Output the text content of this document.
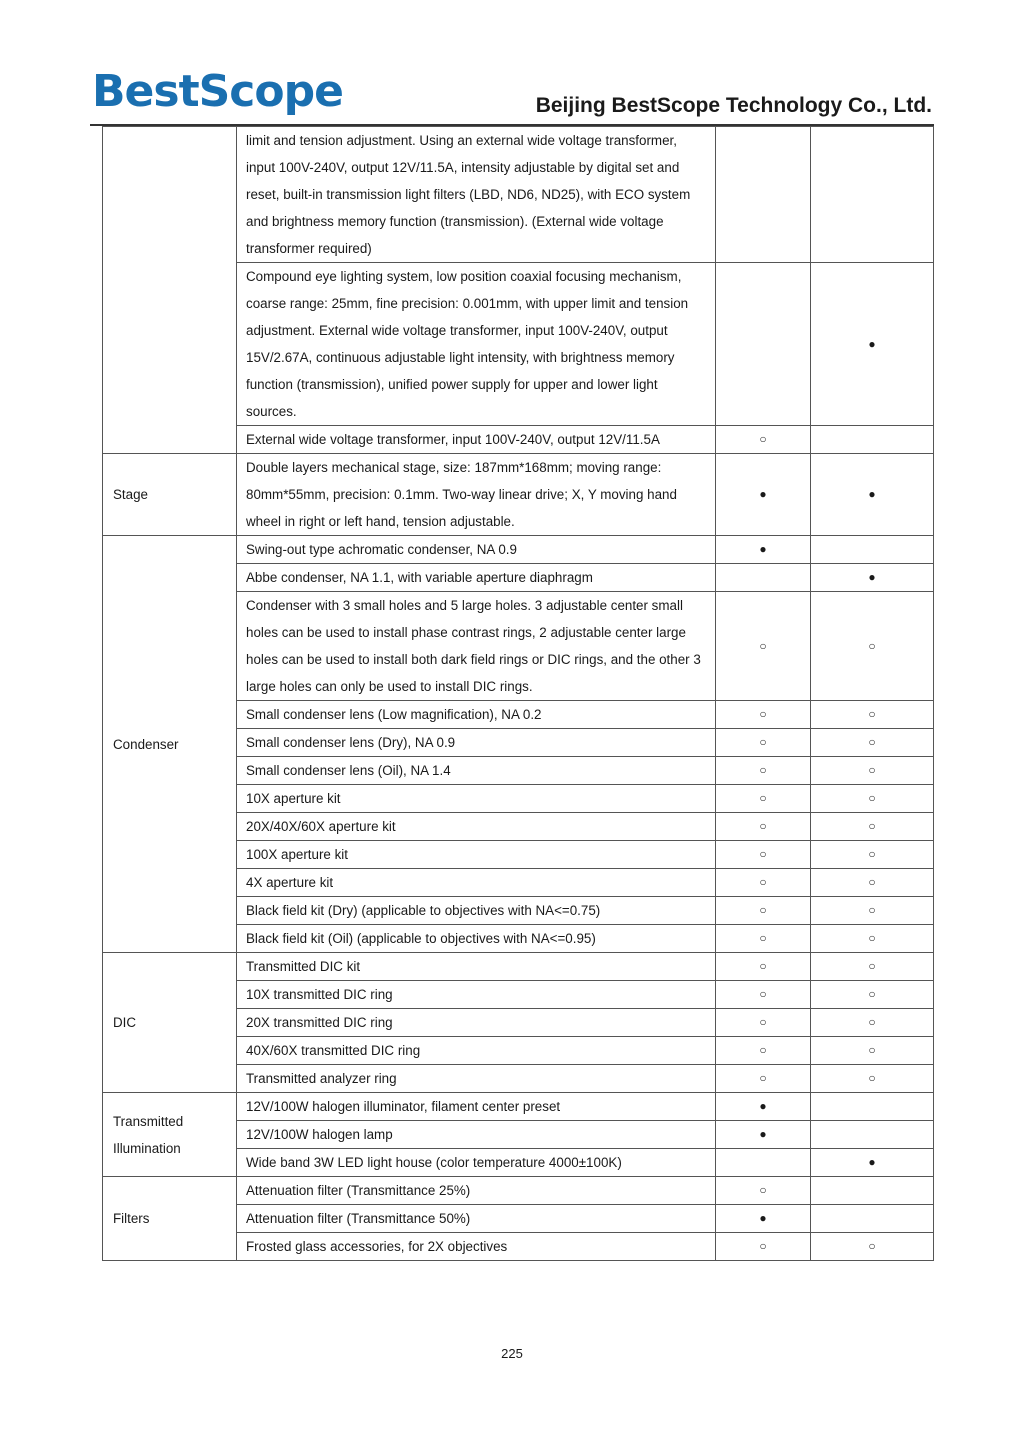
BestScope	Beijing BestScope Technology Co., Ltd.
	limit and tension adjustment. Using an external wide voltage transformer, input 100V-240V, output 12V/11.5A, intensity adjustable by digital set and reset, built-in transmission light filters (LBD, ND6, ND25), with ECO system and brightness memory function (transmission). (External wide voltage transformer required)		
	Compound eye lighting system, low position coaxial focusing mechanism, coarse range: 25mm, fine precision: 0.001mm, with upper limit and tension adjustment. External wide voltage transformer, input 100V-240V, output 15V/2.67A, continuous adjustable light intensity, with brightness memory function (transmission), unified power supply for upper and lower light sources.		●
	External wide voltage transformer, input 100V-240V, output 12V/11.5A	○	
Stage	Double layers mechanical stage, size: 187mm*168mm; moving range: 80mm*55mm, precision: 0.1mm. Two-way linear drive; X, Y moving hand wheel in right or left hand, tension adjustable.	●	●
Condenser	Swing-out type achromatic condenser, NA 0.9	●	
	Abbe condenser, NA 1.1, with variable aperture diaphragm		●
	Condenser with 3 small holes and 5 large holes. 3 adjustable center small holes can be used to install phase contrast rings, 2 adjustable center large holes can be used to install both dark field rings or DIC rings, and the other 3 large holes can only be used to install DIC rings.	○	○
	Small condenser lens (Low magnification), NA 0.2	○	○
	Small condenser lens (Dry), NA 0.9	○	○
	Small condenser lens (Oil), NA 1.4	○	○
	10X aperture kit	○	○
	20X/40X/60X aperture kit	○	○
	100X aperture kit	○	○
	4X aperture kit	○	○
	Black field kit (Dry) (applicable to objectives with NA<=0.75)	○	○
	Black field kit (Oil) (applicable to objectives with NA<=0.95)	○	○
DIC	Transmitted DIC kit	○	○
	10X transmitted DIC ring	○	○
	20X transmitted DIC ring	○	○
	40X/60X transmitted DIC ring	○	○
	Transmitted analyzer ring	○	○
Transmitted Illumination	12V/100W halogen illuminator, filament center preset	●	
	12V/100W halogen lamp	●	
	Wide band 3W LED light house (color temperature 4000±100K)		●
Filters	Attenuation filter (Transmittance 25%)	○	
	Attenuation filter (Transmittance 50%)	●	
	Frosted glass accessories, for 2X objectives	○	○
225
